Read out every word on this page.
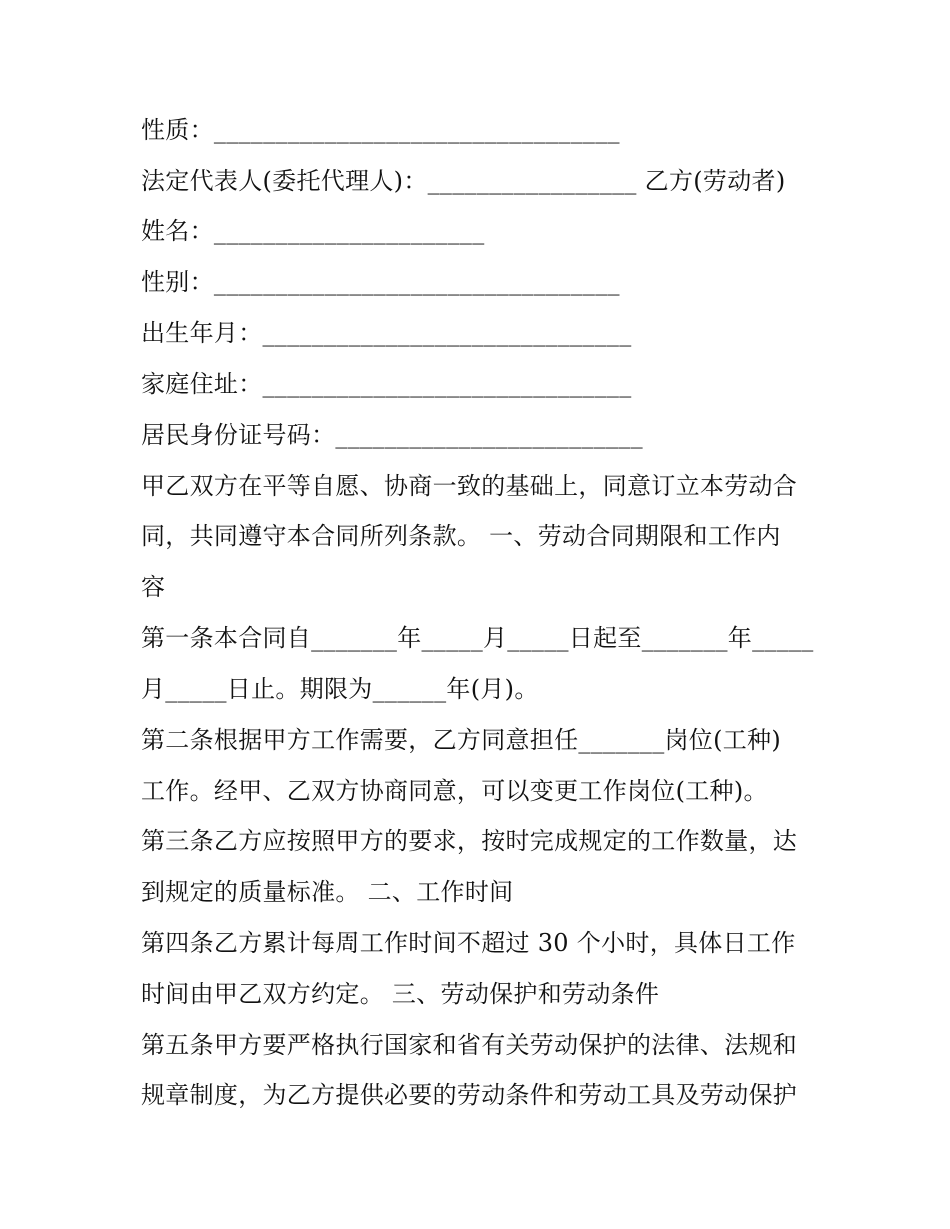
性质：_________________________________
法定代表人(委托代理人)：_________________ 乙方(劳动者)
姓名：______________________
性别：_________________________________
出生年月：______________________________
家庭住址：______________________________
居民身份证号码：_________________________
甲乙双方在平等自愿、协商一致的基础上，同意订立本劳动合
同，共同遵守本合同所列条款。 一、劳动合同期限和工作内
容
第一条本合同自_______年_____月_____日起至_______年_____
月_____日止。期限为______年(月)。
第二条根据甲方工作需要，乙方同意担任_______岗位(工种)
工作。经甲、乙双方协商同意，可以变更工作岗位(工种)。
第三条乙方应按照甲方的要求，按时完成规定的工作数量，达
到规定的质量标准。 二、工作时间
第四条乙方累计每周工作时间不超过 30 个小时，具体日工作
时间由甲乙双方约定。 三、劳动保护和劳动条件
第五条甲方要严格执行国家和省有关劳动保护的法律、法规和
规章制度，为乙方提供必要的劳动条件和劳动工具及劳动保护
